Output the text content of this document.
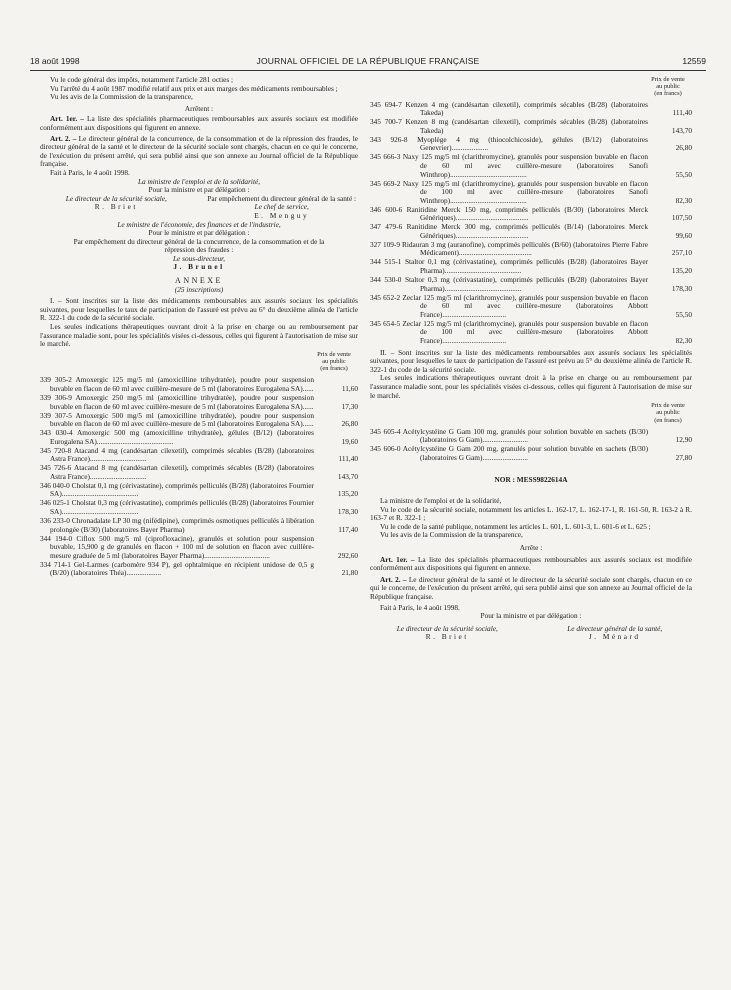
18 août 1998	JOURNAL OFFICIEL DE LA RÉPUBLIQUE FRANÇAISE	12559

Vu le code général des impôts, notamment l'article 281 octies ;

Vu l'arrêté du 4 août 1987 modifié relatif aux prix et aux marges des médicaments remboursables ;

Vu les avis de la Commission de la transparence,

Arrêtent :

Art. 1er. – La liste des spécialités pharmaceutiques remboursables aux assurés sociaux est modifiée conformément aux dispositions qui figurent en annexe.

Art. 2. – Le directeur général de la concurrence, de la consommation et de la répression des fraudes, le directeur général de la santé et le directeur de la sécurité sociale sont chargés, chacun en ce qui le concerne, de l'exécution du présent arrêté, qui sera publié ainsi que son annexe au Journal officiel de la République française.

Fait à Paris, le 4 août 1998.

La ministre de l'emploi et de la solidarité,

Pour la ministre et par délégation :

Le directeur de la sécurité sociale,

R. Briet

Par empêchement du directeur général de la santé :

Le chef de service,

E. Menguy

Le ministre de l'économie, des finances et de l'industrie,

Pour le ministre et par délégation :

Par empêchement du directeur général de la concurrence, de la consommation et de la répression des fraudes :

Le sous-directeur,

J. Brunel

ANNEXE

(25 inscriptions)

I. – Sont inscrites sur la liste des médicaments remboursables aux assurés sociaux les spécialités suivantes, pour lesquelles le taux de participation de l'assuré est prévu au 6° du deuxième alinéa de l'article R. 322-1 du code de la sécurité sociale.

Les seules indications thérapeutiques ouvrant droit à la prise en charge ou au remboursement par l'assurance maladie sont, pour les spécialités visées ci-dessous, celles qui figurent à l'autorisation de mise sur le marché.

Prix de vente
au public
(en francs)
339 305-2 Amoxergic 125 mg/5 ml (amoxicilline trihydratée), poudre pour suspension buvable en flacon de 60 ml avec cuillère-mesure de 5 ml (laboratoires Eurogalena SA)......	11,60
339 306-9 Amoxergic 250 mg/5 ml (amoxicilline trihydratée), poudre pour suspension buvable en flacon de 60 ml avec cuillère-mesure de 5 ml (laboratoires Eurogalena SA)......	17,30
339 307-5 Amoxergic 500 mg/5 ml (amoxicilline trihydratée), poudre pour suspension buvable en flacon de 60 ml avec cuillère-mesure de 5 ml (laboratoires Eurogalena SA)......	26,80
343 030-4 Amoxergic 500 mg (amoxicilline trihydratée), gélules (B/12) (laboratoires Eurogalena SA)..........................................	19,60
345 720-8 Atacand 4 mg (candésartan cilexetil), comprimés sécables (B/28) (laboratoires Astra France)...............................	111,40
345 726-6 Atacand 8 mg (candésartan cilexetil), comprimés sécables (B/28) (laboratoires Astra France)...............................	143,70
346 040-0 Cholstat 0,1 mg (cérivastatine), comprimés pelliculés (B/28) (laboratoires Fournier SA)..........................................	135,20
346 025-1 Cholstat 0,3 mg (cérivastatine), comprimés pelliculés (B/28) (laboratoires Fournier SA)..........................................	178,30
336 233-0 Chronadalate LP 30 mg (nifédipine), comprimés osmotiques pelliculés à libération prolongée (B/30) (laboratoires Bayer Pharma)	117,40
344 194-0 Ciflox 500 mg/5 ml (ciprofloxacine), granulés et solution pour suspension buvable, 15,900 g de granulés en flacon + 100 ml de solution en flacon avec cuillère-mesure graduée de 5 ml (laboratoires Bayer Pharma)....................................	292,60
334 714-1 Gel-Larmes (carbomère 934 P), gel ophtalmique en récipient unidose de 0,5 g (B/20) (laboratoires Théa)...................	21,80
Prix de vente
au public
(en francs)
345 694-7 Kenzen 4 mg (candésartan cilexetil), comprimés sécables (B/28) (laboratoires Takeda)	111,40
345 700-7 Kenzen 8 mg (candésartan cilexetil), comprimés sécables (B/28) (laboratoires Takeda)	143,70
343 926-8 Myoplège 4 mg (thiocolchicoside), gélules (B/12) (laboratoires Genevrier)....................	26,80
345 666-3 Naxy 125 mg/5 ml (clarithromycine), granulés pour suspension buvable en flacon de 60 ml avec cuillère-mesure (laboratoires Sanofi Winthrop)..........................................	55,50
345 669-2 Naxy 125 mg/5 ml (clarithromycine), granulés pour suspension buvable en flacon de 100 ml avec cuillère-mesure (laboratoires Sanofi Winthrop)..........................................	82,30
346 600-6 Ranitidine Merck 150 mg, comprimés pelliculés (B/30) (laboratoires Merck Génériques)........................................	107,50
347 479-6 Ranitidine Merck 300 mg, comprimés pelliculés (B/14) (laboratoires Merck Génériques)........................................	99,60
327 109-9 Ridauran 3 mg (auranofine), comprimés pelliculés (B/60) (laboratoires Pierre Fabre Médicament)........................................	257,10
344 515-1 Staltor 0,1 mg (cérivastatine), comprimés pelliculés (B/28) (laboratoires Bayer Pharma)..........................................	135,20
344 530-0 Staltor 0,3 mg (cérivastatine), comprimés pelliculés (B/28) (laboratoires Bayer Pharma)..........................................	178,30
345 652-2 Zeclar 125 mg/5 ml (clarithromycine), granulés pour suspension buvable en flacon de 60 ml avec cuillère-mesure (laboratoires Abbott France)...................................	55,50
345 654-5 Zeclar 125 mg/5 ml (clarithromycine), granulés pour suspension buvable en flacon de 100 ml avec cuillère-mesure (laboratoires Abbott France)...................................	82,30

II. – Sont inscrites sur la liste des médicaments remboursables aux assurés sociaux les spécialités suivantes, pour lesquelles le taux de participation de l'assuré est prévu au 5° du deuxième alinéa de l'article R. 322-1 du code de la sécurité sociale.

Les seules indications thérapeutiques ouvrant droit à la prise en charge ou au remboursement par l'assurance maladie sont, pour les spécialités visées ci-dessous, celles qui figurent à l'autorisation de mise sur le marché.

Prix de vente
au public
(en francs)
345 605-4 Acétylcystéine G Gam 100 mg, granulés pour solution buvable en sachets (B/30) (laboratoires G Gam).........................	12,90
345 606-0 Acétylcystéine G Gam 200 mg, granulés pour solution buvable en sachets (B/30) (laboratoires G Gam).........................	27,80

NOR : MESS9822614A

La ministre de l'emploi et de la solidarité,

Vu le code de la sécurité sociale, notamment les articles L. 162-17, L. 162-17-1, R. 161-50, R. 163-2 à R. 163-7 et R. 322-1 ;

Vu le code de la santé publique, notamment les articles L. 601, L. 601-3, L. 601-6 et L. 625 ;

Vu les avis de la Commission de la transparence,

Arrête :

Art. 1er. – La liste des spécialités pharmaceutiques remboursables aux assurés sociaux est modifiée conformément aux dispositions qui figurent en annexe.

Art. 2. – Le directeur général de la santé et le directeur de la sécurité sociale sont chargés, chacun en ce qui le concerne, de l'exécution du présent arrêté, qui sera publié ainsi que son annexe au Journal officiel de la République française.

Fait à Paris, le 4 août 1998.

Pour la ministre et par délégation :

Le directeur de la sécurité sociale,

R. Briet

Le directeur général de la santé,

J. Ménard
